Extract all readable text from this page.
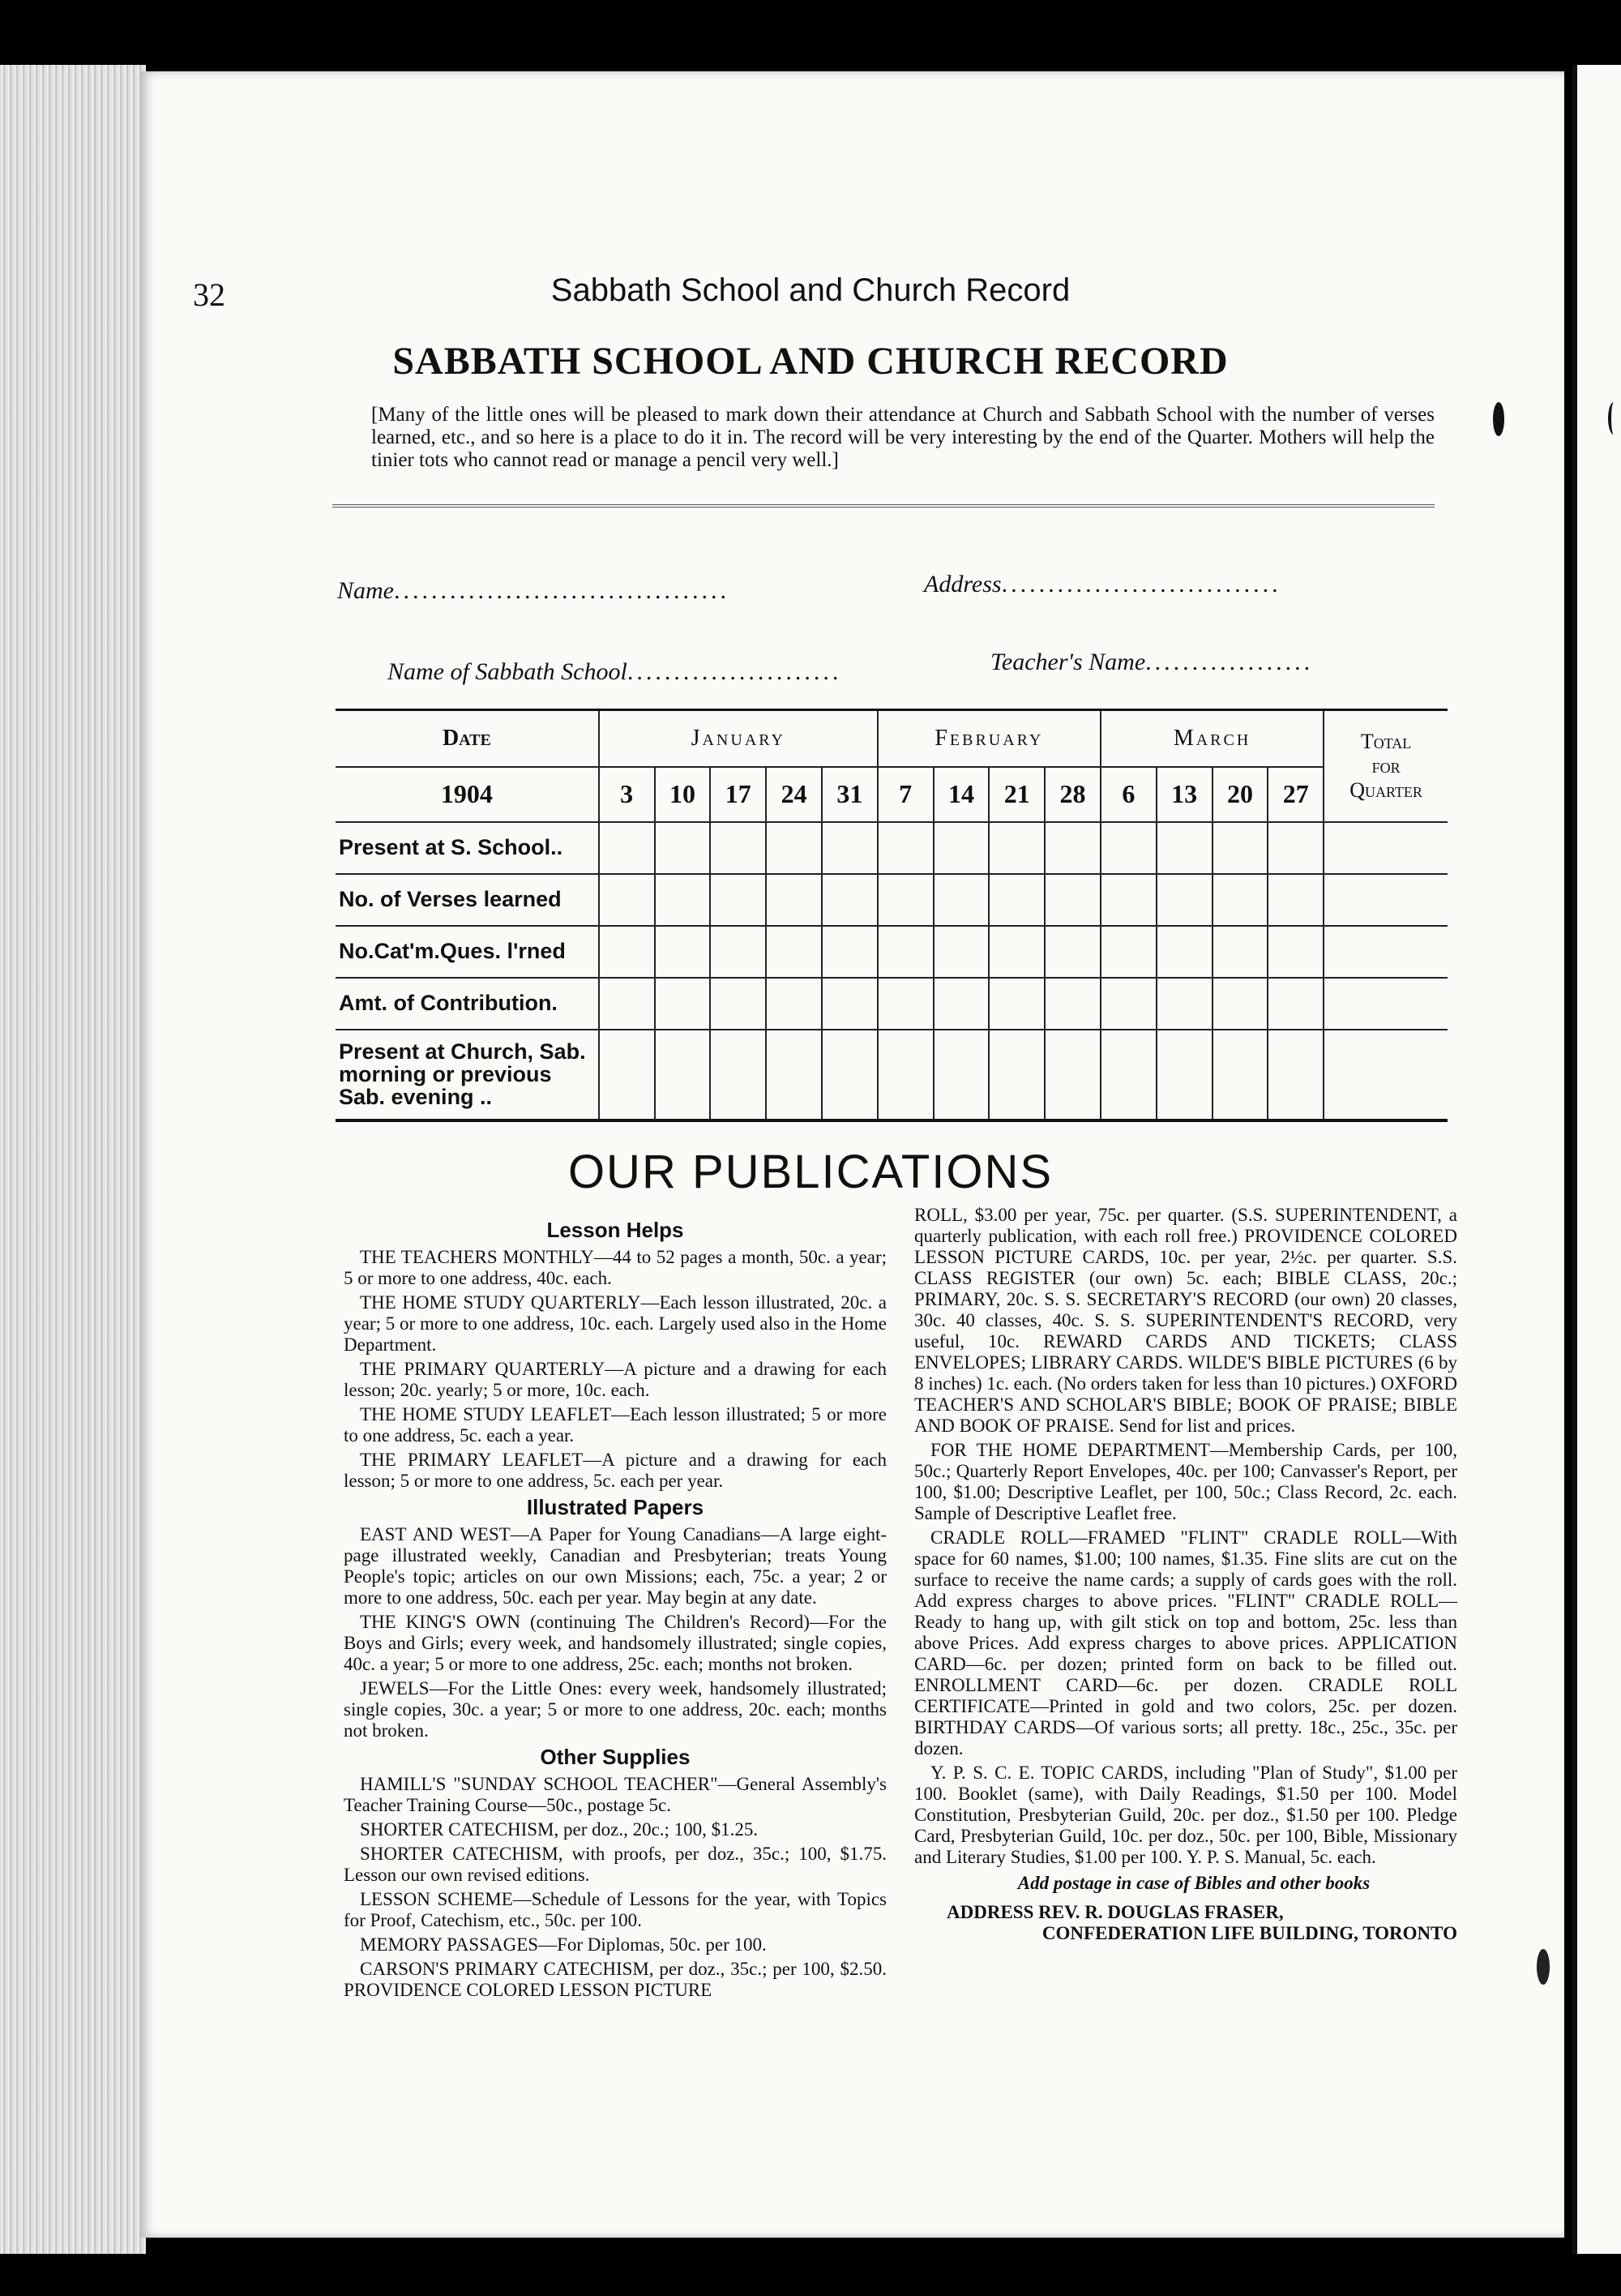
32	Sabbath School and Church Record
SABBATH SCHOOL AND CHURCH RECORD
[Many of the little ones will be pleased to mark down their attendance at Church and Sabbath School with the number of verses learned, etc., and so here is a place to do it in. The record will be very interesting by the end of the Quarter. Mothers will help the tinier tots who cannot read or manage a pencil very well.]
Name....................................	Address..............................
Name of Sabbath School.......................	Teacher's Name..................
Date	January					February				March				Total
for
Quarter

1904	3	10	17	24	31	7	14	21	28	6	13	20	27	
Present at S. School..														
No. of Verses learned														
No.Cat'm.Ques. l'rned														
Amt. of Contribution.														
Present at Church, Sab. morning or previous Sab. evening ..														
OUR PUBLICATIONS
Lesson Helps

THE TEACHERS MONTHLY—44 to 52 pages a month, 50c. a year; 5 or more to one address, 40c. each.

THE HOME STUDY QUARTERLY—Each lesson illustrated, 20c. a year; 5 or more to one address, 10c. each. Largely used also in the Home Department.

THE PRIMARY QUARTERLY—A picture and a drawing for each lesson; 20c. yearly; 5 or more, 10c. each.

THE HOME STUDY LEAFLET—Each lesson illustrated; 5 or more to one address, 5c. each a year.

THE PRIMARY LEAFLET—A picture and a drawing for each lesson; 5 or more to one address, 5c. each per year.

Illustrated Papers

EAST AND WEST—A Paper for Young Canadians—A large eight-page illustrated weekly, Canadian and Presbyterian; treats Young People's topic; articles on our own Missions; each, 75c. a year; 2 or more to one address, 50c. each per year. May begin at any date.

THE KING'S OWN (continuing The Children's Record)—For the Boys and Girls; every week, and handsomely illustrated; single copies, 40c. a year; 5 or more to one address, 25c. each; months not broken.

JEWELS—For the Little Ones: every week, handsomely illustrated; single copies, 30c. a year; 5 or more to one address, 20c. each; months not broken.

Other Supplies

HAMILL'S "SUNDAY SCHOOL TEACHER"—General Assembly's Teacher Training Course—50c., postage 5c.

SHORTER CATECHISM, per doz., 20c.; 100, $1.25.

SHORTER CATECHISM, with proofs, per doz., 35c.; 100, $1.75. Lesson our own revised editions.

LESSON SCHEME—Schedule of Lessons for the year, with Topics for Proof, Catechism, etc., 50c. per 100.

MEMORY PASSAGES—For Diplomas, 50c. per 100.

CARSON'S PRIMARY CATECHISM, per doz., 35c.; per 100, $2.50. PROVIDENCE COLORED LESSON PICTURE

ROLL, $3.00 per year, 75c. per quarter. (S.S. SUPERINTENDENT, a quarterly publication, with each roll free.) PROVIDENCE COLORED LESSON PICTURE CARDS, 10c. per year, 2½c. per quarter. S.S. CLASS REGISTER (our own) 5c. each; BIBLE CLASS, 20c.; PRIMARY, 20c. S. S. SECRETARY'S RECORD (our own) 20 classes, 30c. 40 classes, 40c. S. S. SUPERINTENDENT'S RECORD, very useful, 10c. REWARD CARDS AND TICKETS; CLASS ENVELOPES; LIBRARY CARDS. WILDE'S BIBLE PICTURES (6 by 8 inches) 1c. each. (No orders taken for less than 10 pictures.) OXFORD TEACHER'S AND SCHOLAR'S BIBLE; BOOK OF PRAISE; BIBLE AND BOOK OF PRAISE. Send for list and prices.

FOR THE HOME DEPARTMENT—Membership Cards, per 100, 50c.; Quarterly Report Envelopes, 40c. per 100; Canvasser's Report, per 100, $1.00; Descriptive Leaflet, per 100, 50c.; Class Record, 2c. each. Sample of Descriptive Leaflet free.

CRADLE ROLL—FRAMED "FLINT" CRADLE ROLL—With space for 60 names, $1.00; 100 names, $1.35. Fine slits are cut on the surface to receive the name cards; a supply of cards goes with the roll. Add express charges to above prices. "FLINT" CRADLE ROLL—Ready to hang up, with gilt stick on top and bottom, 25c. less than above Prices. Add express charges to above prices. APPLICATION CARD—6c. per dozen; printed form on back to be filled out. ENROLLMENT CARD—6c. per dozen. CRADLE ROLL CERTIFICATE—Printed in gold and two colors, 25c. per dozen. BIRTHDAY CARDS—Of various sorts; all pretty. 18c., 25c., 35c. per dozen.

Y. P. S. C. E. TOPIC CARDS, including "Plan of Study", $1.00 per 100. Booklet (same), with Daily Readings, $1.50 per 100. Model Constitution, Presbyterian Guild, 20c. per doz., $1.50 per 100. Pledge Card, Presbyterian Guild, 10c. per doz., 50c. per 100, Bible, Missionary and Literary Studies, $1.00 per 100. Y. P. S. Manual, 5c. each.

Add postage in case of Bibles and other books

ADDRESS REV. R. DOUGLAS FRASER,
CONFEDERATION LIFE BUILDING, TORONTO
